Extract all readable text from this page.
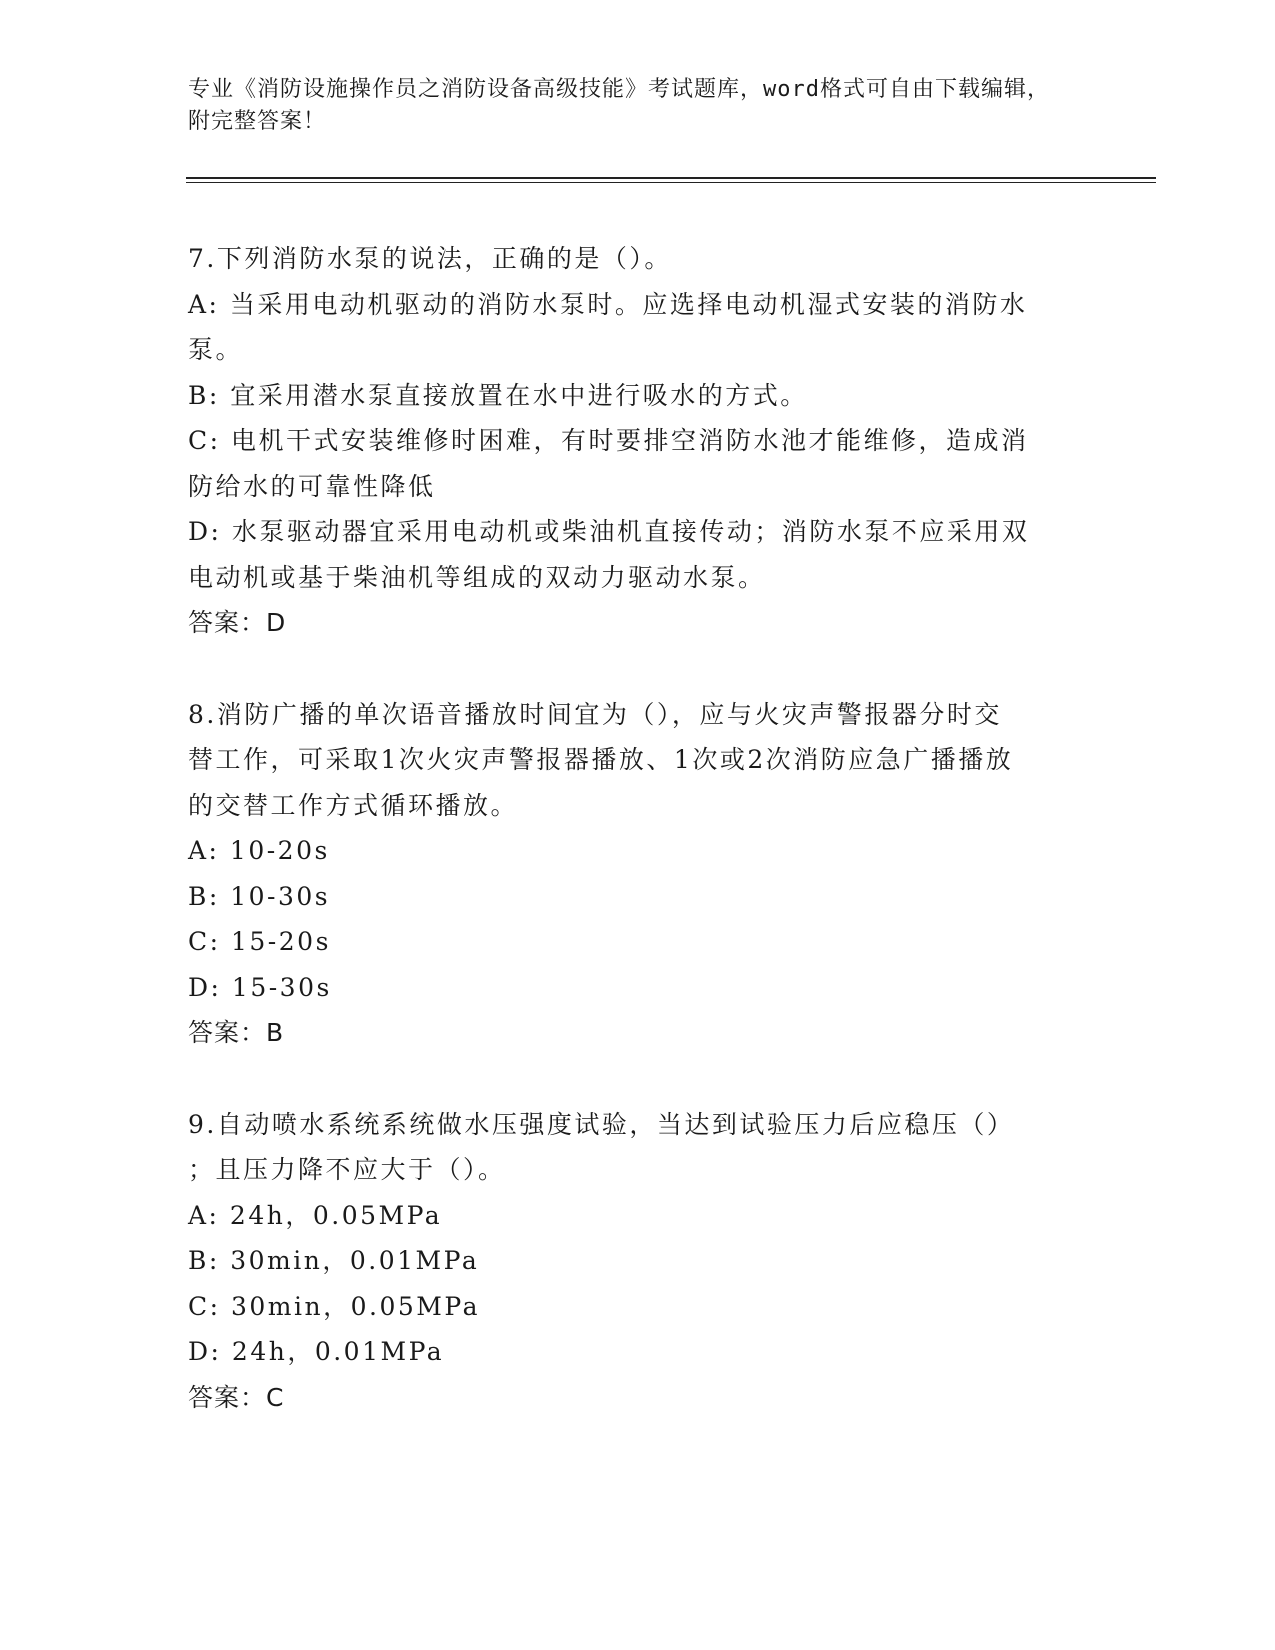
专业《消防设施操作员之消防设备高级技能》考试题库，word格式可自由下载编辑，附完整答案！
7.下列消防水泵的说法，正确的是（）。
A: 当采用电动机驱动的消防水泵时。应选择电动机湿式安装的消防水
泵。
B: 宜采用潜水泵直接放置在水中进行吸水的方式。
C: 电机干式安装维修时困难，有时要排空消防水池才能维修，造成消
防给水的可靠性降低
D: 水泵驱动器宜采用电动机或柴油机直接传动；消防水泵不应采用双
电动机或基于柴油机等组成的双动力驱动水泵。
答案：D
8.消防广播的单次语音播放时间宜为（），应与火灾声警报器分时交
替工作，可采取1次火灾声警报器播放、1次或2次消防应急广播播放
的交替工作方式循环播放。
A: 10-20s
B: 10-30s
C: 15-20s
D: 15-30s
答案：B
9.自动喷水系统系统做水压强度试验，当达到试验压力后应稳压（）
；且压力降不应大于（）。
A: 24h，0.05MPa
B: 30min，0.01MPa
C: 30min，0.05MPa
D: 24h，0.01MPa
答案：C
